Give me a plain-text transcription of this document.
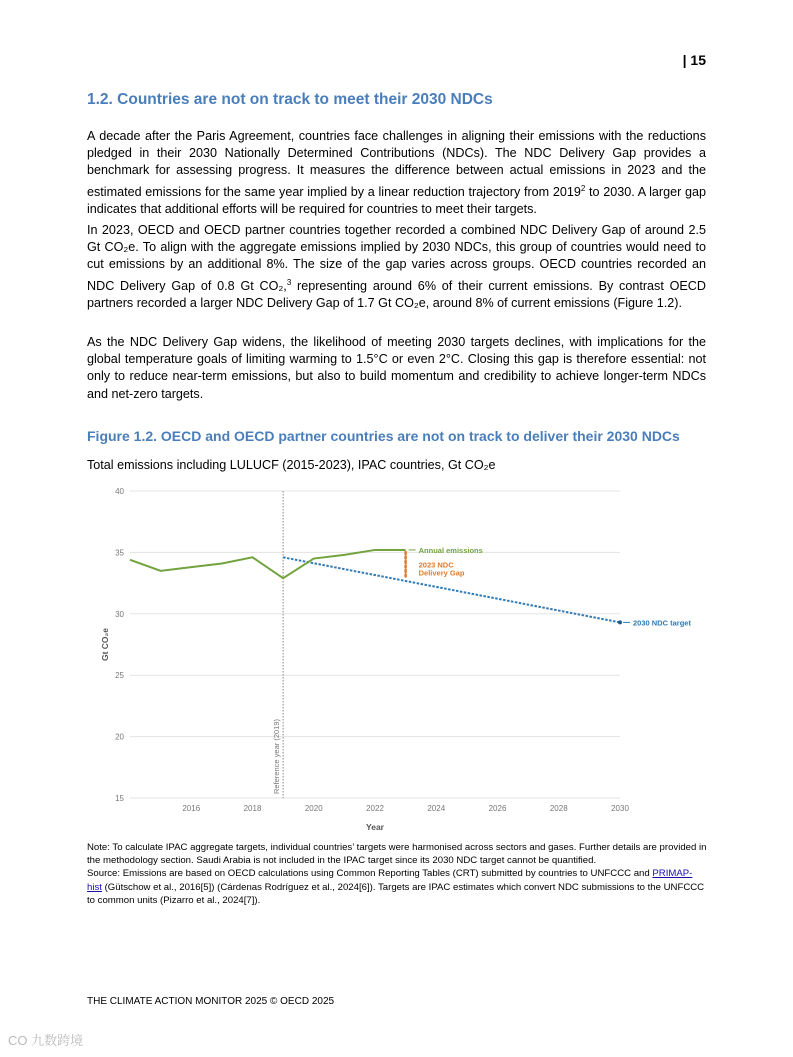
| 15
1.2. Countries are not on track to meet their 2030 NDCs
A decade after the Paris Agreement, countries face challenges in aligning their emissions with the reductions pledged in their 2030 Nationally Determined Contributions (NDCs). The NDC Delivery Gap provides a benchmark for assessing progress. It measures the difference between actual emissions in 2023 and the estimated emissions for the same year implied by a linear reduction trajectory from 2019$^2$ to 2030. A larger gap indicates that additional efforts will be required for countries to meet their targets.
In 2023, OECD and OECD partner countries together recorded a combined NDC Delivery Gap of around 2.5 Gt CO₂e. To align with the aggregate emissions implied by 2030 NDCs, this group of countries would need to cut emissions by an additional 8%. The size of the gap varies across groups. OECD countries recorded an NDC Delivery Gap of 0.8 Gt CO₂,$^3$ representing around 6% of their current emissions. By contrast OECD partners recorded a larger NDC Delivery Gap of 1.7 Gt CO₂e, around 8% of current emissions (Figure 1.2).
As the NDC Delivery Gap widens, the likelihood of meeting 2030 targets declines, with implications for the global temperature goals of limiting warming to 1.5°C or even 2°C. Closing this gap is therefore essential: not only to reduce near-term emissions, but also to build momentum and credibility to achieve longer-term NDCs and net-zero targets.
Figure 1.2. OECD and OECD partner countries are not on track to deliver their 2030 NDCs
Total emissions including LULUCF (2015-2023), IPAC countries, Gt CO₂e
15
20
25
30
35
40
2016	2018	2020	2022	2024	2026	2028	2030
Year
Gt CO₂e
Reference year (2019)
2030 NDC target
Annual emissions
2023 NDC
Delivery Gap
Note: To calculate IPAC aggregate targets, individual countries’ targets were harmonised across sectors and gases. Further details are provided in the methodology section. Saudi Arabia is not included in the IPAC target since its 2030 NDC target cannot be quantified.
Source: Emissions are based on OECD calculations using Common Reporting Tables (CRT) submitted by countries to UNFCCC and PRIMAP-hist (Gütschow et al., 2016[5]) (Cárdenas Rodríguez et al., 2024[6]). Targets are IPAC estimates which convert NDC submissions to the UNFCCC to common units (Pizarro et al., 2024[7]).
THE CLIMATE ACTION MONITOR 2025 © OECD 2025
CO 九数跨境
